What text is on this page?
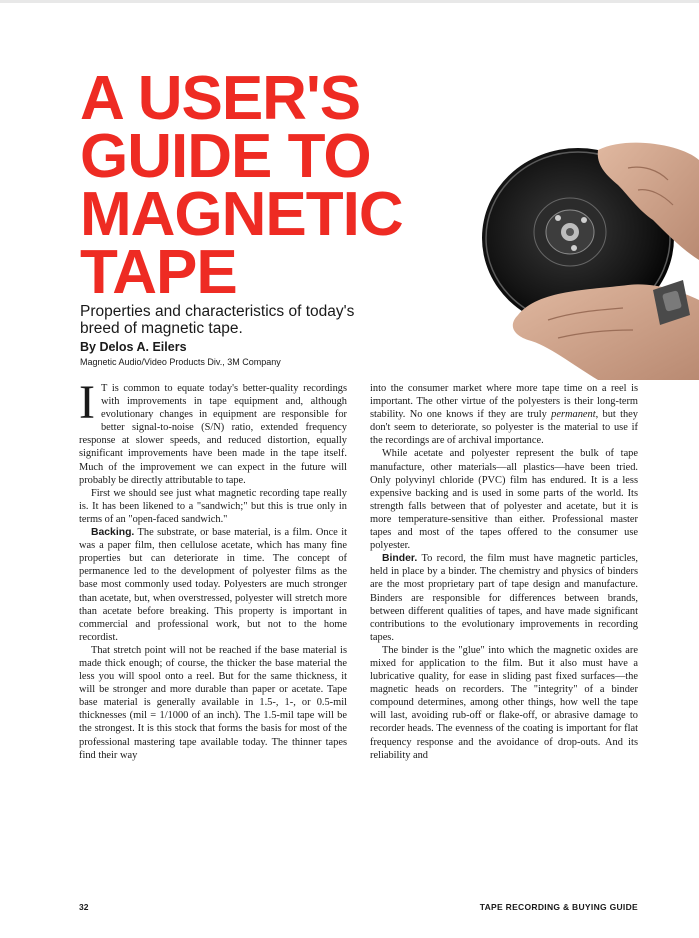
A USER'S
GUIDE TO
MAGNETIC
TAPE

Properties and characteristics of today's breed of magnetic tape.

By Delos A. Eilers
Magnetic Audio/Video Products Div., 3M Company

I T is common to equate today's better-quality recordings with improvements in tape equipment and, although evolutionary changes in equipment are responsible for better signal-to-noise (S/N) ratio, extended frequency response at slower speeds, and reduced distortion, equally significant improvements have been made in the tape itself. Much of the improvement we can expect in the future will probably be directly attributable to tape.

First we should see just what magnetic recording tape really is. It has been likened to a "sandwich;" but this is true only in terms of an "open-faced sandwich."

Backing. The substrate, or base material, is a film. Once it was a paper film, then cellulose acetate, which has many fine properties but can deteriorate in time. The concept of permanence led to the development of polyester films as the base most commonly used today. Polyesters are much stronger than acetate, but, when overstressed, polyester will stretch more than acetate before breaking. This property is important in commercial and professional work, but not to the home recordist.

That stretch point will not be reached if the base material is made thick enough; of course, the thicker the base material the less you will spool onto a reel. But for the same thickness, it will be stronger and more durable than paper or acetate. Tape base material is generally available in 1.5-, 1-, or 0.5-mil thicknesses (mil = 1/1000 of an inch). The 1.5-mil tape will be the strongest. It is this stock that forms the basis for most of the professional mastering tape available today. The thinner tapes find their way

into the consumer market where more tape time on a reel is important. The other virtue of the polyesters is their long-term stability. No one knows if they are truly permanent, but they don't seem to deteriorate, so polyester is the material to use if the recordings are of archival importance.

While acetate and polyester represent the bulk of tape manufacture, other materials—all plastics—have been tried. Only polyvinyl chloride (PVC) film has endured. It is a less expensive backing and is used in some parts of the world. Its strength falls between that of polyester and acetate, but it is more temperature-sensitive than either. Professional master tapes and most of the tapes offered to the consumer use polyester.

Binder. To record, the film must have magnetic particles, held in place by a binder. The chemistry and physics of binders are the most proprietary part of tape design and manufacture. Binders are responsible for differences between brands, between different qualities of tapes, and have made significant contributions to the evolutionary improvements in recording tapes.

The binder is the "glue" into which the magnetic oxides are mixed for application to the film. But it also must have a lubricative quality, for ease in sliding past fixed surfaces—the magnetic heads on recorders. The "integrity" of a binder compound determines, among other things, how well the tape will last, avoiding rub-off or flake-off, or abrasive damage to recorder heads. The evenness of the coating is important for flat frequency response and the avoidance of drop-outs. And its reliability and

32	TAPE RECORDING & BUYING GUIDE
